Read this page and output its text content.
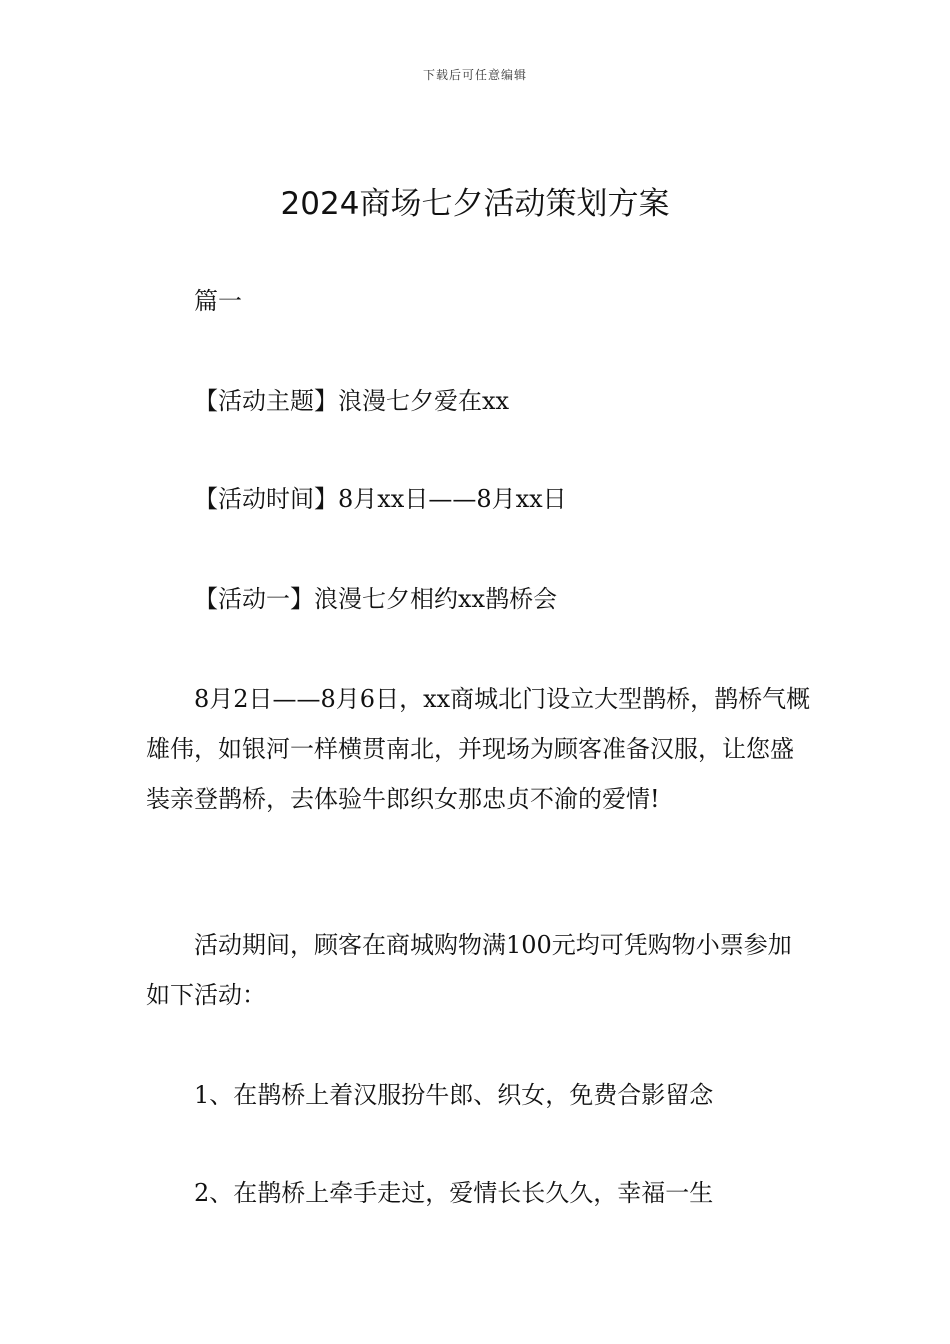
下载后可任意编辑
2024商场七夕活动策划方案

篇一

【活动主题】浪漫七夕爱在xx

【活动时间】8月xx日——8月xx日

【活动一】浪漫七夕相约xx鹊桥会

8月2日——8月6日，xx商城北门设立大型鹊桥，鹊桥气概雄伟，如银河一样横贯南北，并现场为顾客准备汉服，让您盛装亲登鹊桥，去体验牛郎织女那忠贞不渝的爱情!

活动期间，顾客在商城购物满100元均可凭购物小票参加如下活动：

1、在鹊桥上着汉服扮牛郎、织女，免费合影留念

2、在鹊桥上牵手走过，爱情长长久久，幸福一生
